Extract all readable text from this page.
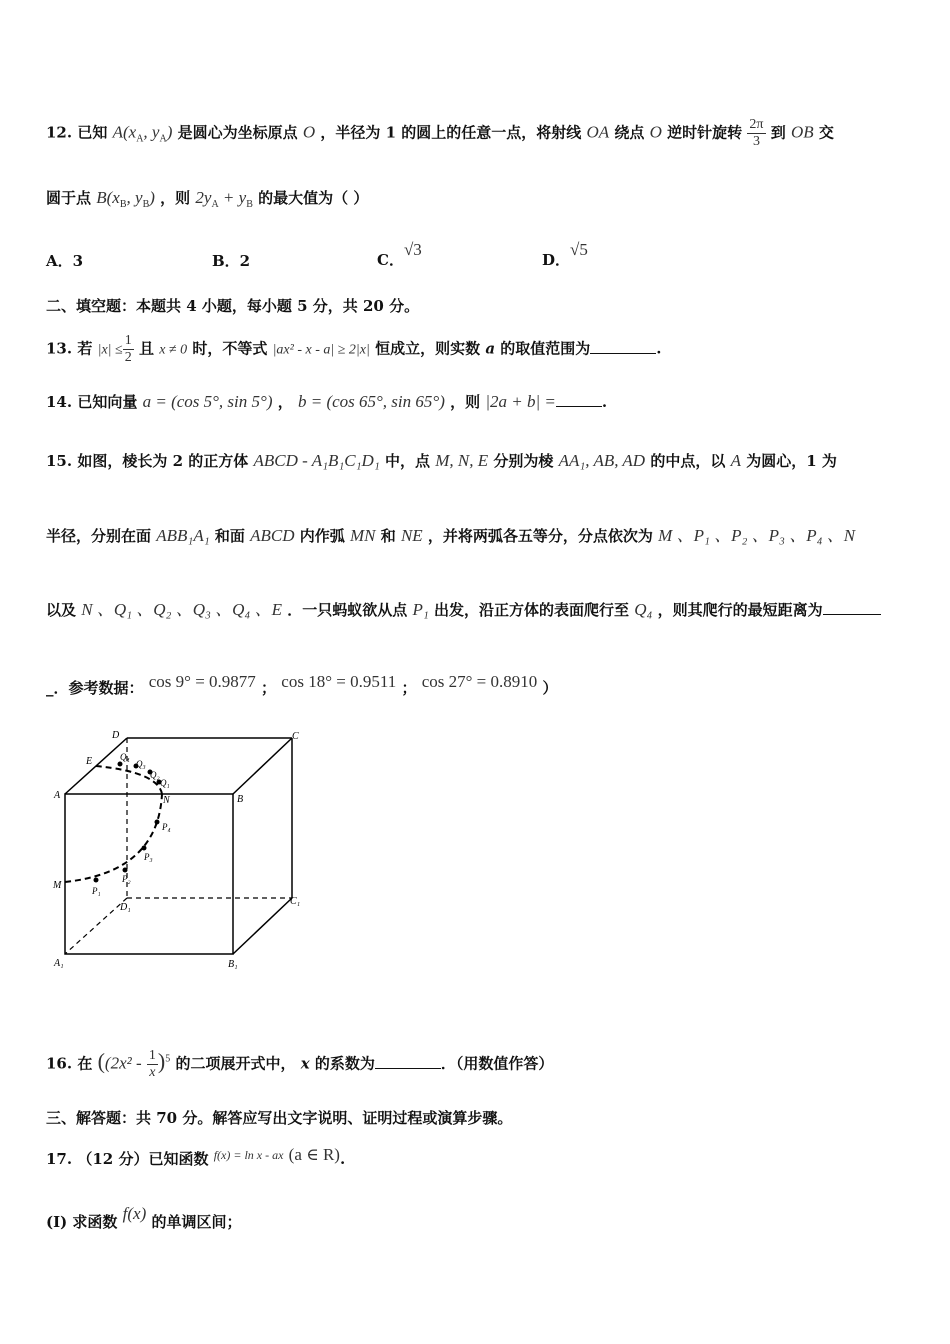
12. 已知 $A(x_A$, $y_A$) 是圆心为坐标原点 O ，半径为 1 的圆上的任意一点，将射线 OA 绕点 O 逆时针旋转 $\frac{2\pi}{3}$ 到 OB 交
圆于点 $B(x_B$, $y_B$) ，则 $2y_A + y_B$ 的最大值为（ ）
A．3	B．2	C．√3
D．√5
二、填空题：本题共 4 小题，每小题 5 分，共 20 分。
13. 若 $|x| \le \frac{1}{2}$ 且 x ≠ 0 时，不等式 |ax² - x - a| ≥ 2|x| 恒成立，则实数 a 的取值范围为	.
14. 已知向量 a = (cos 5°, sin 5°) ， b = (cos 65°, sin 65°) ，则 |2a + b| =	.
15. 如图，棱长为 2 的正方体 ABCD - A₁B₁C₁D₁ 中，点 M, N, E 分别为棱 AA₁, AB, AD 的中点，以 A 为圆心，1 为
半径，分别在面 ABB₁A₁ 和面 ABCD 内作弧 MN 和 NE ，并将两弧各五等分，分点依次为 M 、P₁ 、P₂ 、P₃ 、P₄ 、N
以及 N 、Q₁ 、Q₂ 、Q₃ 、Q₄ 、E ．一只蚂蚁欲从点 P₁ 出发，沿正方体的表面爬行至 Q₄ ，则其爬行的最短距离为
_．参考数据： cos 9° = 0.9877 ； cos 18° = 0.9511 ； cos 27° = 0.8910 ）
D	C
A	B
E
N
M
D₁
C₁
A₁	B₁
Q₁
Q₂
Q₃
Q₄
P₁
P₂
P₃
P₄
16. 在 ($(2x^2 - \frac{1}{x} )^5$ 的二项展开式中， x 的系数为	．（用数值作答）
三、解答题：共 70 分。解答应写出文字说明、证明过程或演算步骤。
17. （12 分）已知函数 $^{f(x) = ln x - ax}$ (a ∈ R).
(I) 求函数 f(x) 的单调区间；
